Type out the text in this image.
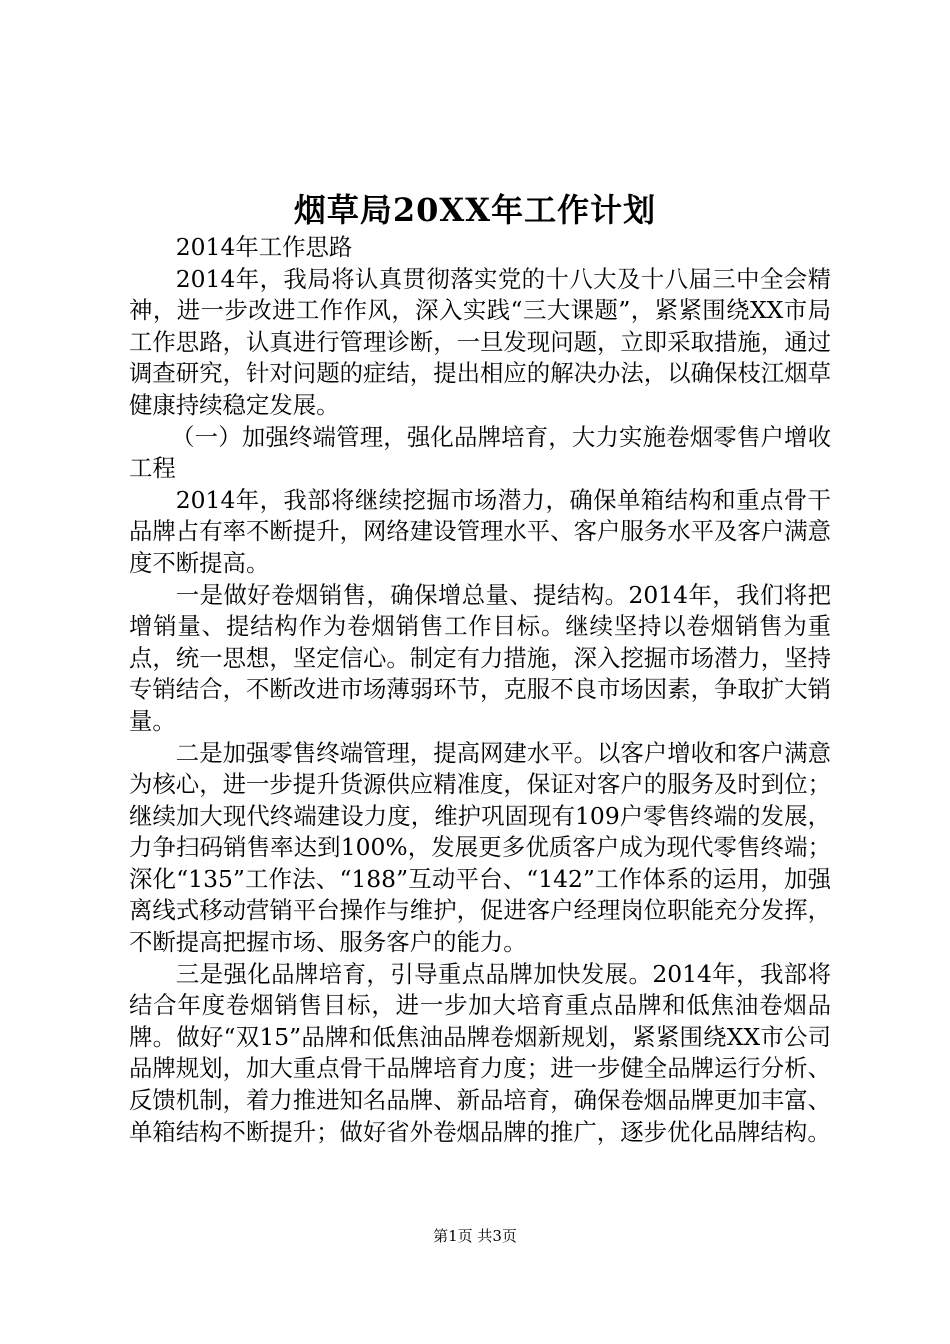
烟草局20XX年工作计划

2014年工作思路

2014年，我局将认真贯彻落实党的十八大及十八届三中全会精神，进一步改进工作作风，深入实践“三大课题”，紧紧围绕XX市局工作思路，认真进行管理诊断，一旦发现问题，立即采取措施，通过调查研究，针对问题的症结，提出相应的解决办法，以确保枝江烟草健康持续稳定发展。

（一）加强终端管理，强化品牌培育，大力实施卷烟零售户增收工程

2014年，我部将继续挖掘市场潜力，确保单箱结构和重点骨干品牌占有率不断提升，网络建设管理水平、客户服务水平及客户满意度不断提高。

一是做好卷烟销售，确保增总量、提结构。2014年，我们将把增销量、提结构作为卷烟销售工作目标。继续坚持以卷烟销售为重点，统一思想，坚定信心。制定有力措施，深入挖掘市场潜力，坚持专销结合，不断改进市场薄弱环节，克服不良市场因素，争取扩大销量。

二是加强零售终端管理，提高网建水平。以客户增收和客户满意为核心，进一步提升货源供应精准度，保证对客户的服务及时到位；继续加大现代终端建设力度，维护巩固现有109户零售终端的发展，力争扫码销售率达到100%，发展更多优质客户成为现代零售终端；深化“135”工作法、“188”互动平台、“142”工作体系的运用，加强离线式移动营销平台操作与维护，促进客户经理岗位职能充分发挥，不断提高把握市场、服务客户的能力。

三是强化品牌培育，引导重点品牌加快发展。2014年，我部将结合年度卷烟销售目标，进一步加大培育重点品牌和低焦油卷烟品牌。做好“双15”品牌和低焦油品牌卷烟新规划，紧紧围绕XX市公司品牌规划，加大重点骨干品牌培育力度；进一步健全品牌运行分析、反馈机制，着力推进知名品牌、新品培育，确保卷烟品牌更加丰富、单箱结构不断提升；做好省外卷烟品牌的推广，逐步优化品牌结构。

第1页 共3页
